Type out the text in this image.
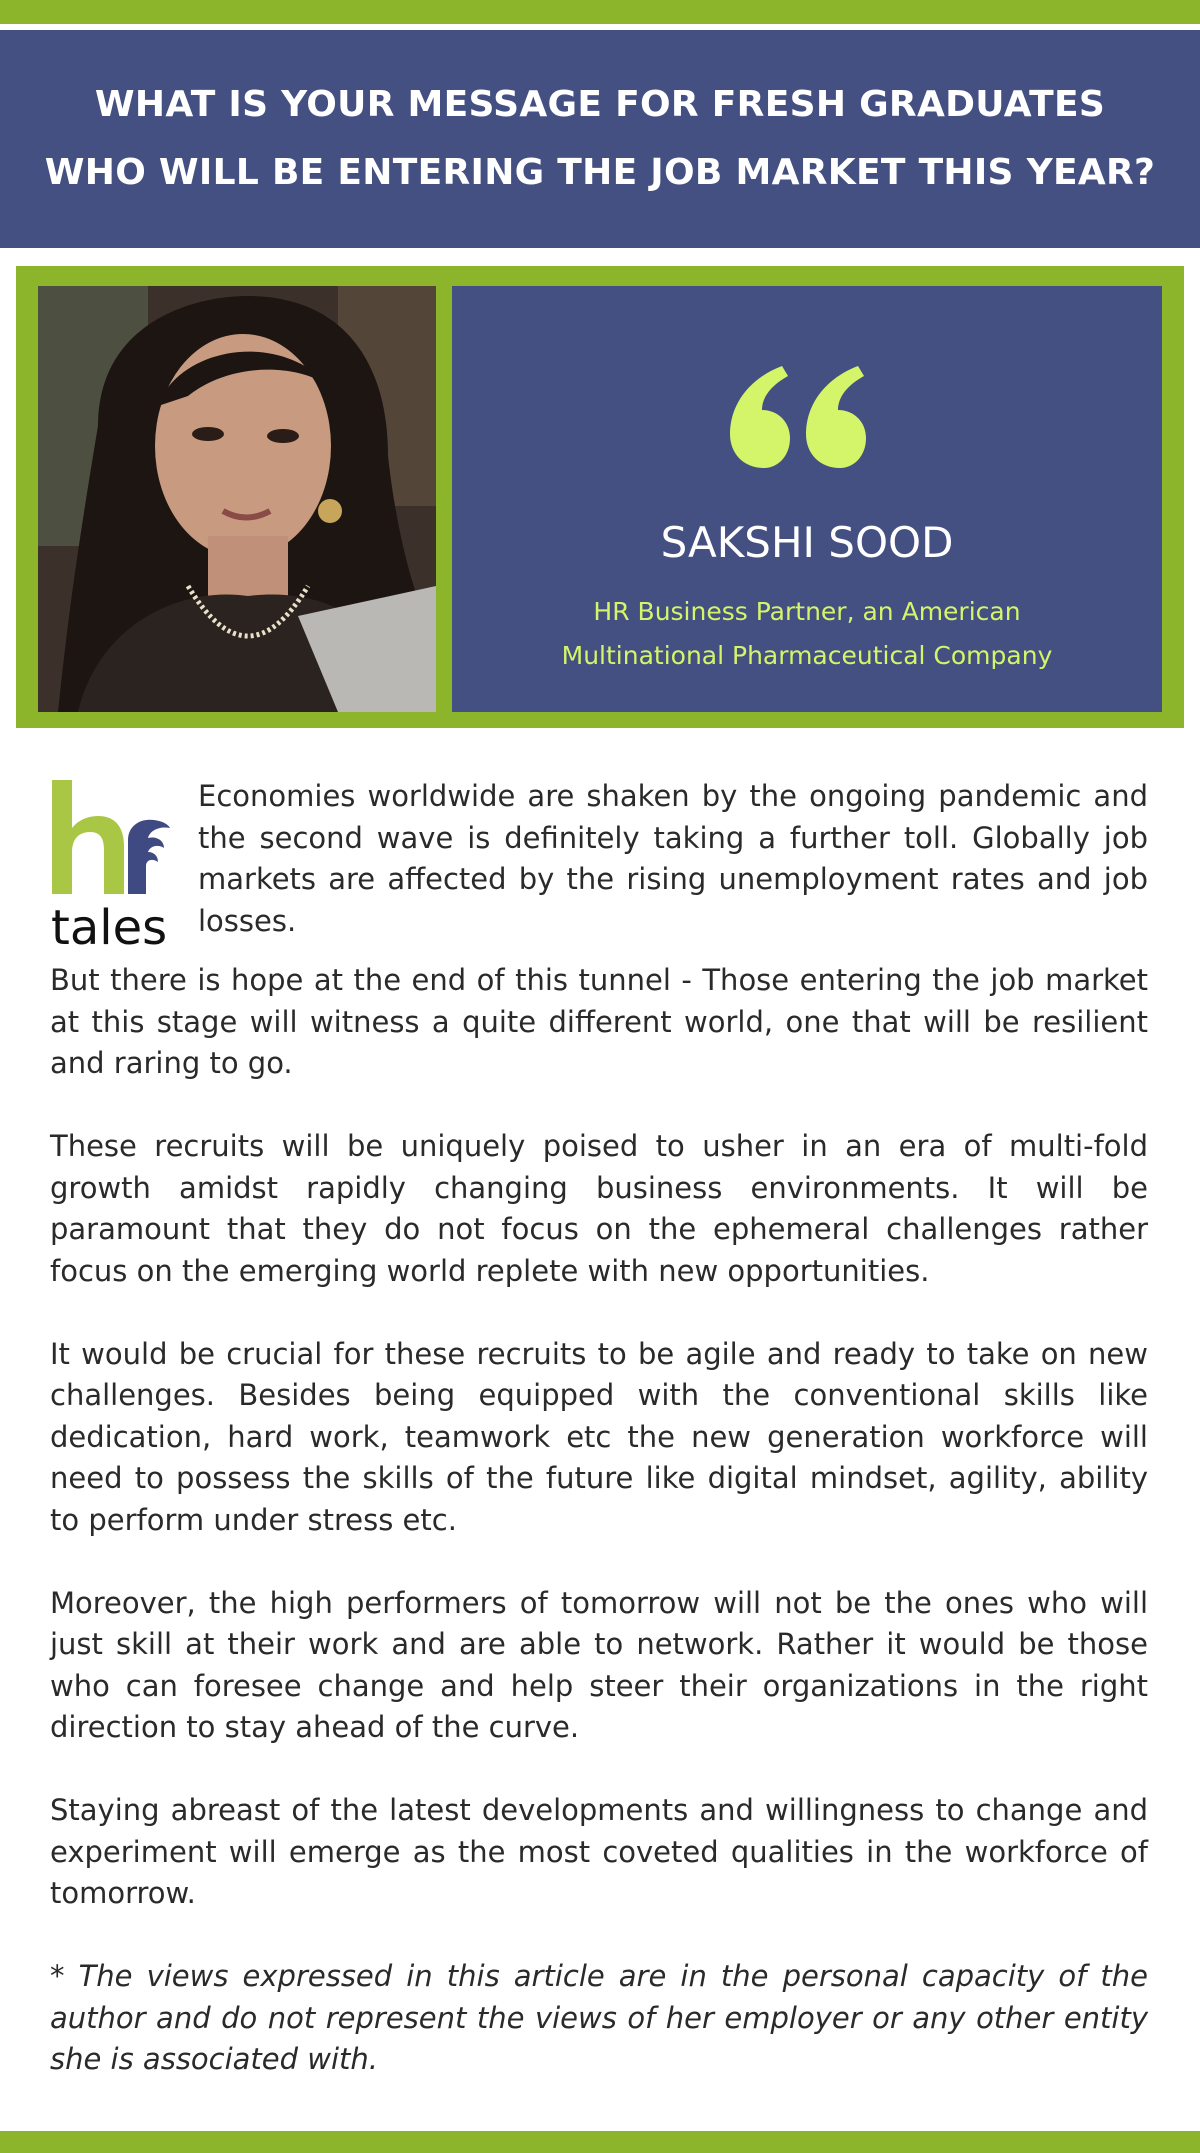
WHAT IS YOUR MESSAGE FOR FRESH GRADUATES
WHO WILL BE ENTERING THE JOB MARKET THIS YEAR?
SAKSHI SOOD
HR Business Partner, an American
Multinational Pharmaceutical Company
tales

Economies worldwide are shaken by the ongoing pandemic and the second wave is definitely taking a further toll. Globally job markets are affected by the rising unemployment rates and job losses.

But there is hope at the end of this tunnel - Those entering the job market at this stage will witness a quite different world, one that will be resilient and raring to go.

These recruits will be uniquely poised to usher in an era of multi-fold growth amidst rapidly changing business environments. It will be paramount that they do not focus on the ephemeral challenges rather focus on the emerging world replete with new opportunities.

It would be crucial for these recruits to be agile and ready to take on new challenges. Besides being equipped with the conventional skills like dedication, hard work, teamwork etc the new generation workforce will need to possess the skills of the future like digital mindset, agility, ability to perform under stress etc.

Moreover, the high performers of tomorrow will not be the ones who will just skill at their work and are able to network. Rather it would be those who can foresee change and help steer their organizations in the right direction to stay ahead of the curve.

Staying abreast of the latest developments and willingness to change and experiment will emerge as the most coveted qualities in the workforce of tomorrow.

* The views expressed in this article are in the personal capacity of the author and do not represent the views of her employer or any other entity she is associated with.
